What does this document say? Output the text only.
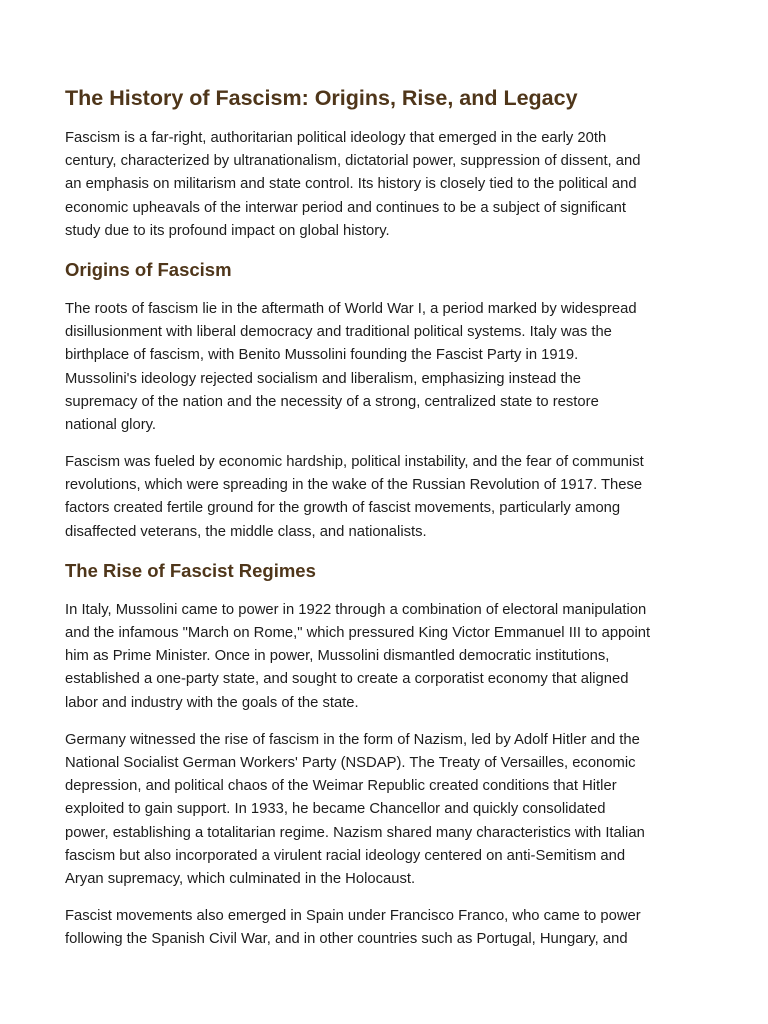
The History of Fascism: Origins, Rise, and Legacy

Fascism is a far-right, authoritarian political ideology that emerged in the early 20th
century, characterized by ultranationalism, dictatorial power, suppression of dissent, and
an emphasis on militarism and state control. Its history is closely tied to the political and
economic upheavals of the interwar period and continues to be a subject of significant
study due to its profound impact on global history.

Origins of Fascism

The roots of fascism lie in the aftermath of World War I, a period marked by widespread
disillusionment with liberal democracy and traditional political systems. Italy was the
birthplace of fascism, with Benito Mussolini founding the Fascist Party in 1919.
Mussolini's ideology rejected socialism and liberalism, emphasizing instead the
supremacy of the nation and the necessity of a strong, centralized state to restore
national glory.

Fascism was fueled by economic hardship, political instability, and the fear of communist
revolutions, which were spreading in the wake of the Russian Revolution of 1917. These
factors created fertile ground for the growth of fascist movements, particularly among
disaffected veterans, the middle class, and nationalists.

The Rise of Fascist Regimes

In Italy, Mussolini came to power in 1922 through a combination of electoral manipulation
and the infamous "March on Rome," which pressured King Victor Emmanuel III to appoint
him as Prime Minister. Once in power, Mussolini dismantled democratic institutions,
established a one-party state, and sought to create a corporatist economy that aligned
labor and industry with the goals of the state.

Germany witnessed the rise of fascism in the form of Nazism, led by Adolf Hitler and the
National Socialist German Workers' Party (NSDAP). The Treaty of Versailles, economic
depression, and political chaos of the Weimar Republic created conditions that Hitler
exploited to gain support. In 1933, he became Chancellor and quickly consolidated
power, establishing a totalitarian regime. Nazism shared many characteristics with Italian
fascism but also incorporated a virulent racial ideology centered on anti-Semitism and
Aryan supremacy, which culminated in the Holocaust.

Fascist movements also emerged in Spain under Francisco Franco, who came to power
following the Spanish Civil War, and in other countries such as Portugal, Hungary, and
